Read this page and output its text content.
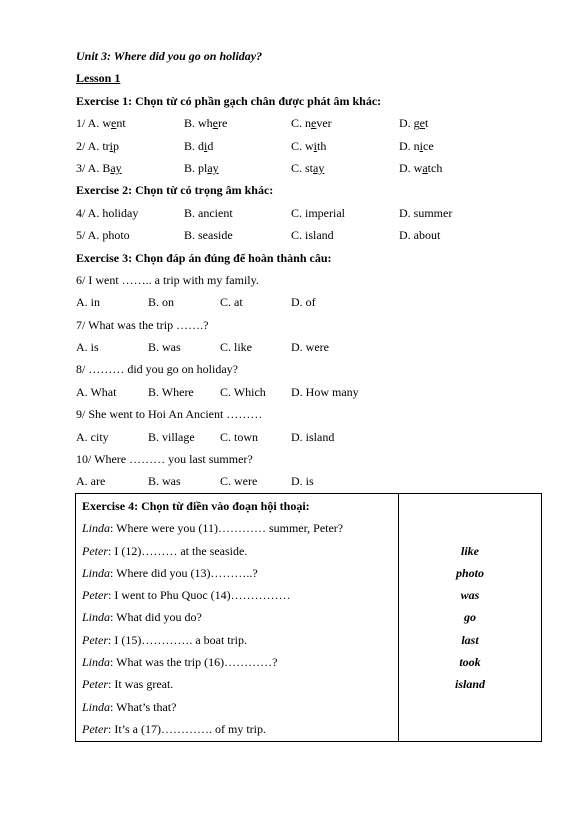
Unit 3: Where did you go on holiday?
Lesson 1
Exercise 1: Chọn từ có phần gạch chân được phát âm khác:
1/ A. went	B. where	C. never	D. get
2/ A. trip	B. did	C. with	D. nice
3/ A. Bay	B. play	C. stay	D. watch
Exercise 2: Chọn từ có trọng âm khác:
4/ A. holiday	B. ancient	C. imperial	D. summer
5/ A. photo	B. seaside	C. island	D. about
Exercise 3: Chọn đáp án đúng để hoàn thành câu:
6/ I went …….. a trip with my family.
A. in	B. on	C. at	D. of
7/ What was the trip …….?
A. is	B. was	C. like	D. were
8/ ……… did you go on holiday?
A. What	B. Where C. Which D. How many
9/ She went to Hoi An Ancient ………
A. city	B. village C. town	D. island
10/ Where ……… you last summer?
A. are	B. was	C. were	D. is
Exercise 4: Chọn từ điền vào đoạn hội thoại:
Linda: Where were you (11)………… summer, Peter?
Peter: I (12)……… at the seaside.
Linda: Where did you (13)………..?
Peter: I went to Phu Quoc (14)……………
Linda: What did you do?
Peter: I (15)…………. a boat trip.
Linda: What was the trip (16)…………?
Peter: It was great.
Linda: What’s that?
Peter: It’s a (17)…………. of my trip.
like
photo
was
go
last
took
island
